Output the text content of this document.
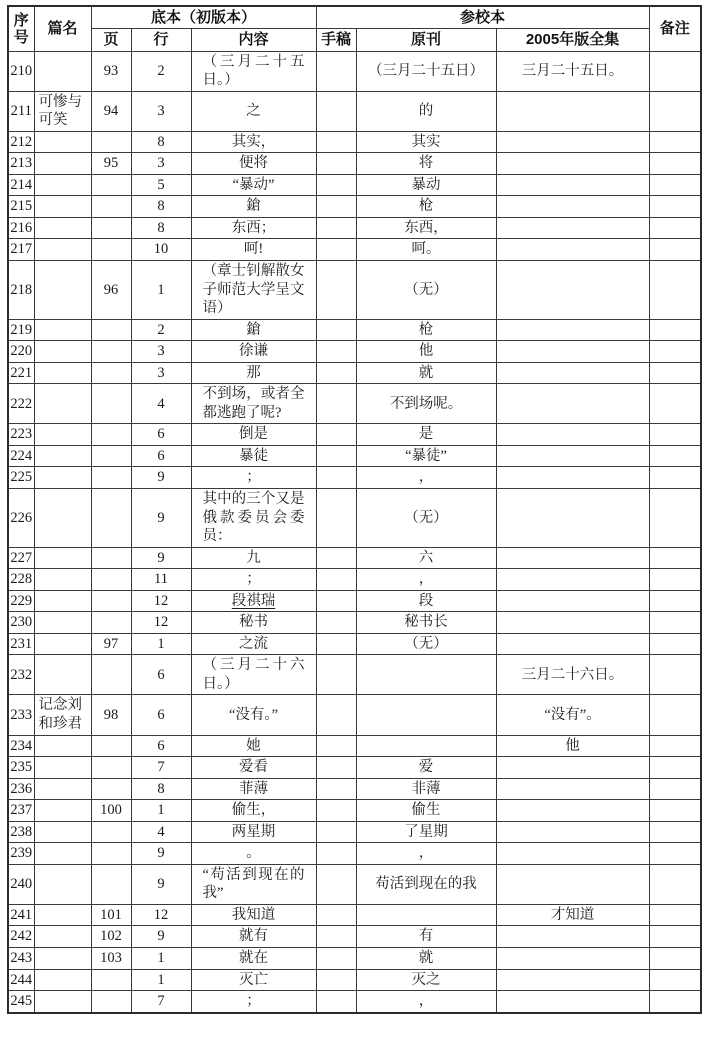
序号	篇名	底本（初版本）			参校本			备注
		页	行	内容	手稿	原刊	2005年版全集	
210		93	2	（三月二十五日。）		（三月二十五日）	三月二十五日。	
211	可惨与可笑	94	3	之		的		
212			8	其实，		其实		
213		95	3	便将		将		
214			5	“暴动”		暴动		
215			8	鎗		枪		
216			8	东西；		东西，		
217			10	呵!		呵。		
218		96	1	（章士钊解散女子师范大学呈文语）		（无）		
219			2	鎗		枪		
220			3	徐谦		他		
221			3	那		就		
222			4	不到场，或者全都逃跑了呢?		不到场呢。		
223			6	倒是		是		
224			6	暴徒		“暴徒”		
225			9	；		，		
226			9	其中的三个又是俄款委员会委员：		（无）		
227			9	九		六		
228			11	；		，		
229			12	段祺瑞		段		
230			12	秘书		秘书长		
231		97	1	之流		（无）		
232			6	（三月二十六日。）			三月二十六日。	
233	记念刘和珍君	98	6	“没有。”			“没有”。	
234			6	她			他	
235			7	爱看		爱		
236			8	菲薄		非薄		
237		100	1	偷生，		偷生		
238			4	两星期		了星期		
239			9	。		，		
240			9	“苟活到现在的我”		苟活到现在的我		
241		101	12	我知道			才知道	
242		102	9	就有		有		
243		103	1	就在		就		
244			1	灭亡		灭之		
245			7	；		，		
